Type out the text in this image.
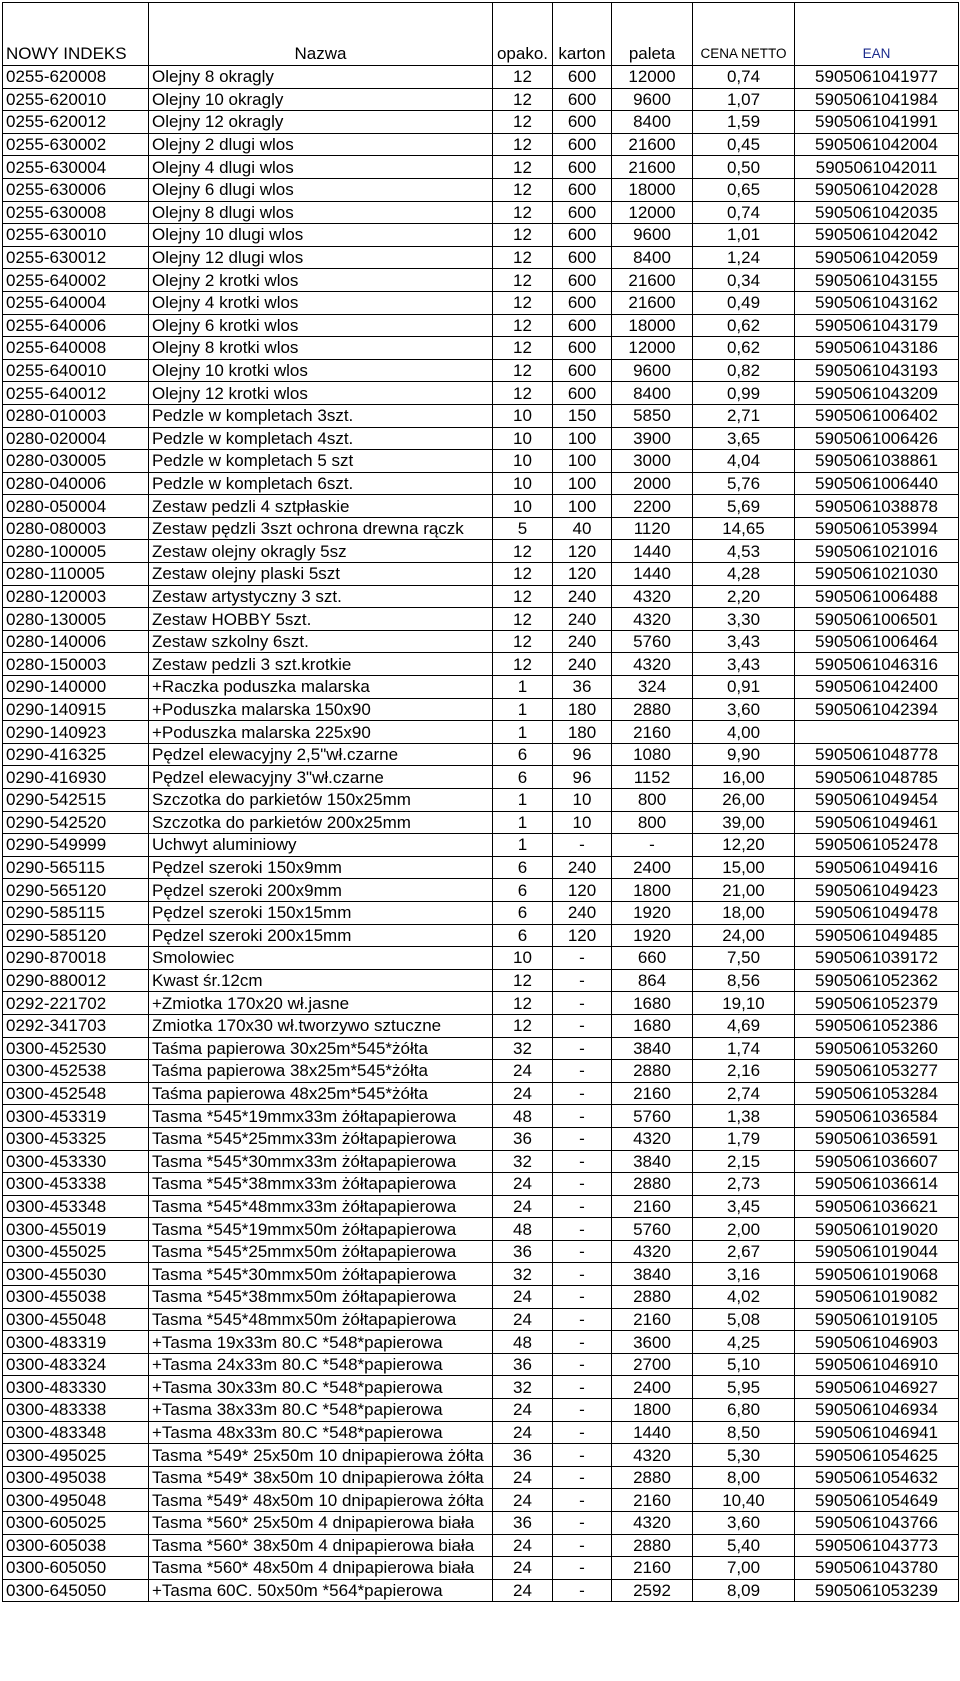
NOWY INDEKS	Nazwa	opako.	karton	paleta	CENA NETTO	EAN
0255-620008	Olejny 8 okragly	12	600	12000	0,74	5905061041977
0255-620010	Olejny 10 okragly	12	600	9600	1,07	5905061041984
0255-620012	Olejny 12 okragly	12	600	8400	1,59	5905061041991
0255-630002	Olejny 2 dlugi wlos	12	600	21600	0,45	5905061042004
0255-630004	Olejny 4 dlugi wlos	12	600	21600	0,50	5905061042011
0255-630006	Olejny 6 dlugi wlos	12	600	18000	0,65	5905061042028
0255-630008	Olejny 8 dlugi wlos	12	600	12000	0,74	5905061042035
0255-630010	Olejny 10 dlugi wlos	12	600	9600	1,01	5905061042042
0255-630012	Olejny 12 dlugi wlos	12	600	8400	1,24	5905061042059
0255-640002	Olejny 2 krotki wlos	12	600	21600	0,34	5905061043155
0255-640004	Olejny 4 krotki wlos	12	600	21600	0,49	5905061043162
0255-640006	Olejny 6 krotki wlos	12	600	18000	0,62	5905061043179
0255-640008	Olejny 8 krotki wlos	12	600	12000	0,62	5905061043186
0255-640010	Olejny 10 krotki wlos	12	600	9600	0,82	5905061043193
0255-640012	Olejny 12 krotki wlos	12	600	8400	0,99	5905061043209
0280-010003	Pedzle w kompletach 3szt.	10	150	5850	2,71	5905061006402
0280-020004	Pedzle w kompletach 4szt.	10	100	3900	3,65	5905061006426
0280-030005	Pedzle w kompletach 5 szt	10	100	3000	4,04	5905061038861
0280-040006	Pedzle w kompletach 6szt.	10	100	2000	5,76	5905061006440
0280-050004	Zestaw pedzli 4 sztpłaskie	10	100	2200	5,69	5905061038878
0280-080003	Zestaw pędzli 3szt ochrona drewna rączk	5	40	1120	14,65	5905061053994
0280-100005	Zestaw olejny okragly 5sz	12	120	1440	4,53	5905061021016
0280-110005	Zestaw olejny plaski 5szt	12	120	1440	4,28	5905061021030
0280-120003	Zestaw artystyczny 3 szt.	12	240	4320	2,20	5905061006488
0280-130005	Zestaw HOBBY 5szt.	12	240	4320	3,30	5905061006501
0280-140006	Zestaw szkolny 6szt.	12	240	5760	3,43	5905061006464
0280-150003	Zestaw pedzli 3 szt.krotkie	12	240	4320	3,43	5905061046316
0290-140000	+Raczka poduszka malarska	1	36	324	0,91	5905061042400
0290-140915	+Poduszka malarska 150x90	1	180	2880	3,60	5905061042394
0290-140923	+Poduszka malarska 225x90	1	180	2160	4,00	
0290-416325	Pędzel elewacyjny 2,5"wł.czarne	6	96	1080	9,90	5905061048778
0290-416930	Pędzel elewacyjny 3"wł.czarne	6	96	1152	16,00	5905061048785
0290-542515	Szczotka do parkietów 150x25mm	1	10	800	26,00	5905061049454
0290-542520	Szczotka do parkietów 200x25mm	1	10	800	39,00	5905061049461
0290-549999	Uchwyt aluminiowy	1	-	-	12,20	5905061052478
0290-565115	Pędzel szeroki 150x9mm	6	240	2400	15,00	5905061049416
0290-565120	Pędzel szeroki 200x9mm	6	120	1800	21,00	5905061049423
0290-585115	Pędzel szeroki 150x15mm	6	240	1920	18,00	5905061049478
0290-585120	Pędzel szeroki 200x15mm	6	120	1920	24,00	5905061049485
0290-870018	Smolowiec	10	-	660	7,50	5905061039172
0290-880012	Kwast śr.12cm	12	-	864	8,56	5905061052362
0292-221702	+Zmiotka 170x20 wł.jasne	12	-	1680	19,10	5905061052379
0292-341703	Zmiotka 170x30 wł.tworzywo sztuczne	12	-	1680	4,69	5905061052386
0300-452530	Taśma papierowa 30x25m*545*żółta	32	-	3840	1,74	5905061053260
0300-452538	Taśma papierowa 38x25m*545*żółta	24	-	2880	2,16	5905061053277
0300-452548	Taśma papierowa 48x25m*545*żółta	24	-	2160	2,74	5905061053284
0300-453319	Tasma *545*19mmx33m żółtapapierowa	48	-	5760	1,38	5905061036584
0300-453325	Tasma *545*25mmx33m żółtapapierowa	36	-	4320	1,79	5905061036591
0300-453330	Tasma *545*30mmx33m żółtapapierowa	32	-	3840	2,15	5905061036607
0300-453338	Tasma *545*38mmx33m żółtapapierowa	24	-	2880	2,73	5905061036614
0300-453348	Tasma *545*48mmx33m żółtapapierowa	24	-	2160	3,45	5905061036621
0300-455019	Tasma *545*19mmx50m żółtapapierowa	48	-	5760	2,00	5905061019020
0300-455025	Tasma *545*25mmx50m żółtapapierowa	36	-	4320	2,67	5905061019044
0300-455030	Tasma *545*30mmx50m żółtapapierowa	32	-	3840	3,16	5905061019068
0300-455038	Tasma *545*38mmx50m żółtapapierowa	24	-	2880	4,02	5905061019082
0300-455048	Tasma *545*48mmx50m żółtapapierowa	24	-	2160	5,08	5905061019105
0300-483319	+Tasma 19x33m 80.C *548*papierowa	48	-	3600	4,25	5905061046903
0300-483324	+Tasma 24x33m 80.C *548*papierowa	36	-	2700	5,10	5905061046910
0300-483330	+Tasma 30x33m 80.C *548*papierowa	32	-	2400	5,95	5905061046927
0300-483338	+Tasma 38x33m 80.C *548*papierowa	24	-	1800	6,80	5905061046934
0300-483348	+Tasma 48x33m 80.C *548*papierowa	24	-	1440	8,50	5905061046941
0300-495025	Tasma *549* 25x50m 10 dnipapierowa żółta	36	-	4320	5,30	5905061054625
0300-495038	Tasma *549* 38x50m 10 dnipapierowa żółta	24	-	2880	8,00	5905061054632
0300-495048	Tasma *549* 48x50m 10 dnipapierowa żółta	24	-	2160	10,40	5905061054649
0300-605025	Tasma *560* 25x50m 4 dnipapierowa biała	36	-	4320	3,60	5905061043766
0300-605038	Tasma *560* 38x50m 4 dnipapierowa biała	24	-	2880	5,40	5905061043773
0300-605050	Tasma *560* 48x50m 4 dnipapierowa biała	24	-	2160	7,00	5905061043780
0300-645050	+Tasma 60C. 50x50m *564*papierowa	24	-	2592	8,09	5905061053239
